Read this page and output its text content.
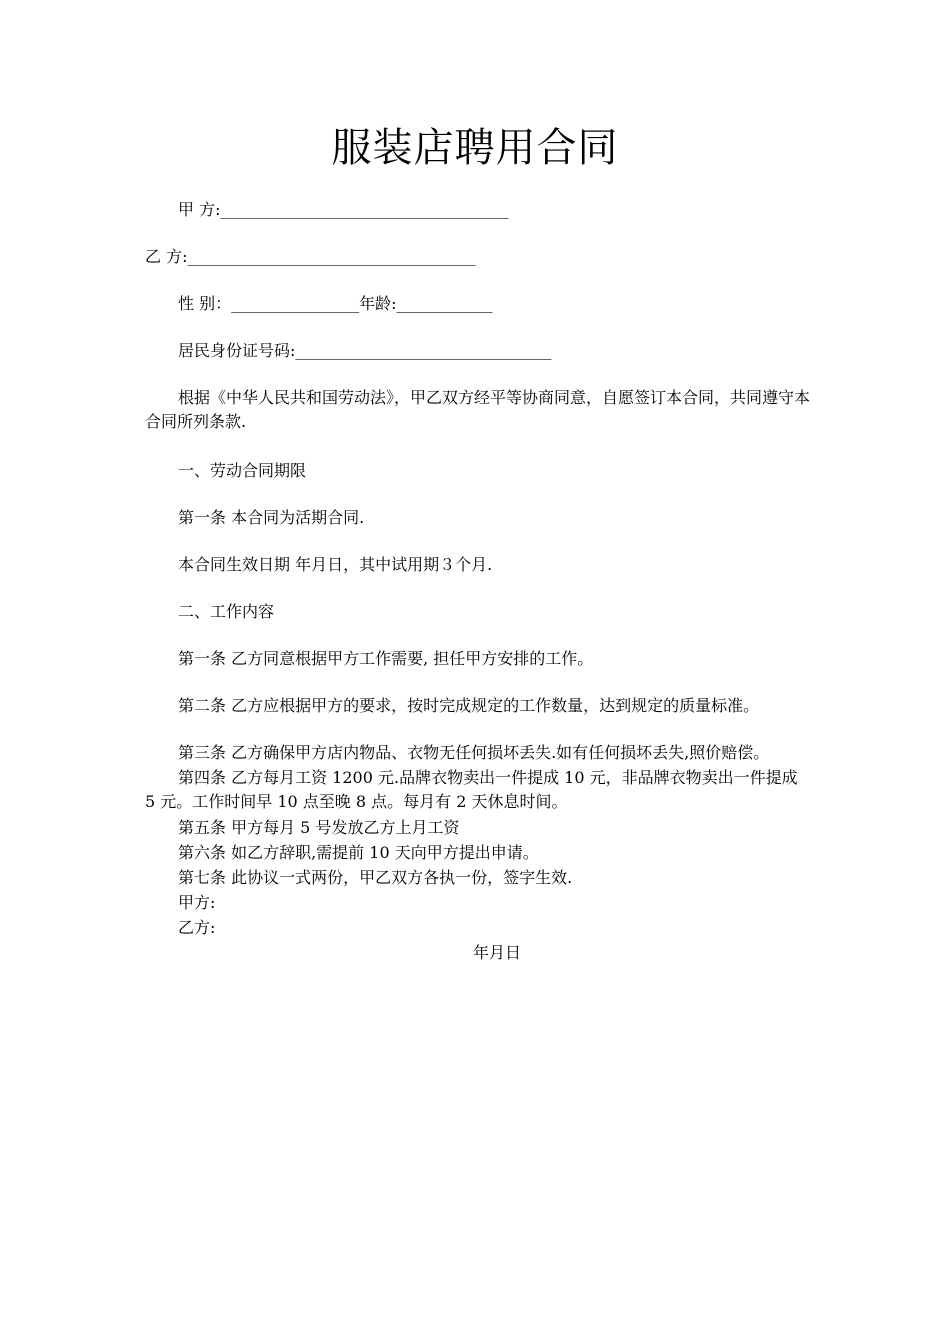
服装店聘用合同
甲 方:____________________________________
乙 方:____________________________________
性 别：________________年龄:____________
居民身份证号码:________________________________
根据《中华人民共和国劳动法》，甲乙双方经平等协商同意，自愿签订本合同，共同遵守本合同所列条款.
一、劳动合同期限
第一条 本合同为活期合同.
本合同生效日期 年月日，其中试用期３个月.
二、工作内容
第一条 乙方同意根据甲方工作需要, 担任甲方安排的工作。
第二条 乙方应根据甲方的要求，按时完成规定的工作数量，达到规定的质量标准。
第三条 乙方确保甲方店内物品、衣物无任何损坏丢失.如有任何损坏丢失,照价赔偿。
第四条 乙方每月工资 1200 元.品牌衣物卖出一件提成 10 元，非品牌衣物卖出一件提成 5 元。工作时间早 10 点至晚 8 点。每月有 2 天休息时间。
第五条 甲方每月 5 号发放乙方上月工资
第六条 如乙方辞职,需提前 10 天向甲方提出申请。
第七条 此协议一式两份，甲乙双方各执一份，签字生效.
甲方:
乙方:
年月日
